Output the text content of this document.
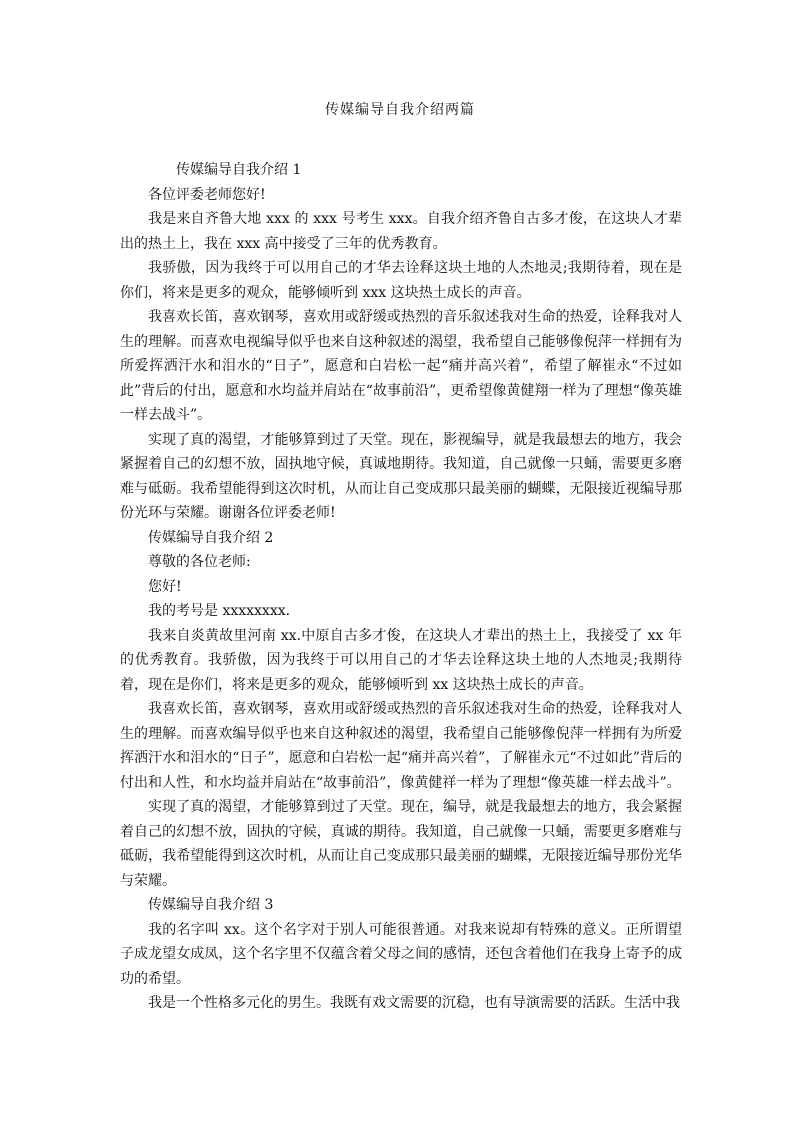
传媒编导自我介绍两篇

传媒编导自我介绍 1

各位评委老师您好!

我是来自齐鲁大地 xxx 的 xxx 号考生 xxx。自我介绍齐鲁自古多才俊，在这块人才辈出的热土上，我在 xxx 高中接受了三年的优秀教育。

我骄傲，因为我终于可以用自己的才华去诠释这块土地的人杰地灵;我期待着，现在是你们，将来是更多的观众，能够倾听到 xxx 这块热土成长的声音。

我喜欢长笛，喜欢钢琴，喜欢用或舒缓或热烈的音乐叙述我对生命的热爱，诠释我对人生的理解。而喜欢电视编导似乎也来自这种叙述的渴望，我希望自己能够像倪萍一样拥有为所爱挥洒汗水和泪水的“日子”，愿意和白岩松一起“痛并高兴着”，希望了解崔永“不过如此”背后的付出，愿意和水均益并肩站在“故事前沿”，更希望像黄健翔一样为了理想“像英雄一样去战斗”。

实现了真的渴望，才能够算到过了天堂。现在，影视编导，就是我最想去的地方，我会紧握着自己的幻想不放，固执地守候，真诚地期待。我知道，自己就像一只蛹，需要更多磨难与砥砺。我希望能得到这次时机，从而让自己变成那只最美丽的蝴蝶，无限接近视编导那份光环与荣耀。谢谢各位评委老师!

传媒编导自我介绍 2

尊敬的各位老师:

您好!

我的考号是 xxxxxxxx.

我来自炎黄故里河南 xx.中原自古多才俊，在这块人才辈出的热土上，我接受了 xx 年的优秀教育。我骄傲，因为我终于可以用自己的才华去诠释这块土地的人杰地灵;我期待着，现在是你们，将来是更多的观众，能够倾听到 xx 这块热土成长的声音。

我喜欢长笛，喜欢钢琴，喜欢用或舒缓或热烈的音乐叙述我对生命的热爱，诠释我对人生的理解。而喜欢编导似乎也来自这种叙述的渴望，我希望自己能够像倪萍一样拥有为所爱挥洒汗水和泪水的“日子”，愿意和白岩松一起“痛并高兴着”，了解崔永元“不过如此”背后的付出和人性，和水均益并肩站在“故事前沿”，像黄健祥一样为了理想“像英雄一样去战斗”。

实现了真的渴望，才能够算到过了天堂。现在，编导，就是我最想去的地方，我会紧握着自己的幻想不放，固执的守候，真诚的期待。我知道，自己就像一只蛹，需要更多磨难与砥砺，我希望能得到这次时机，从而让自己变成那只最美丽的蝴蝶，无限接近编导那份光华与荣耀。

传媒编导自我介绍 3

我的名字叫 xx。这个名字对于别人可能很普通。对我来说却有特殊的意义。正所谓望子成龙望女成凤，这个名字里不仅蕴含着父母之间的感情，还包含着他们在我身上寄予的成功的希望。

我是一个性格多元化的男生。我既有戏文需要的沉稳，也有导演需要的活跃。生活中我
